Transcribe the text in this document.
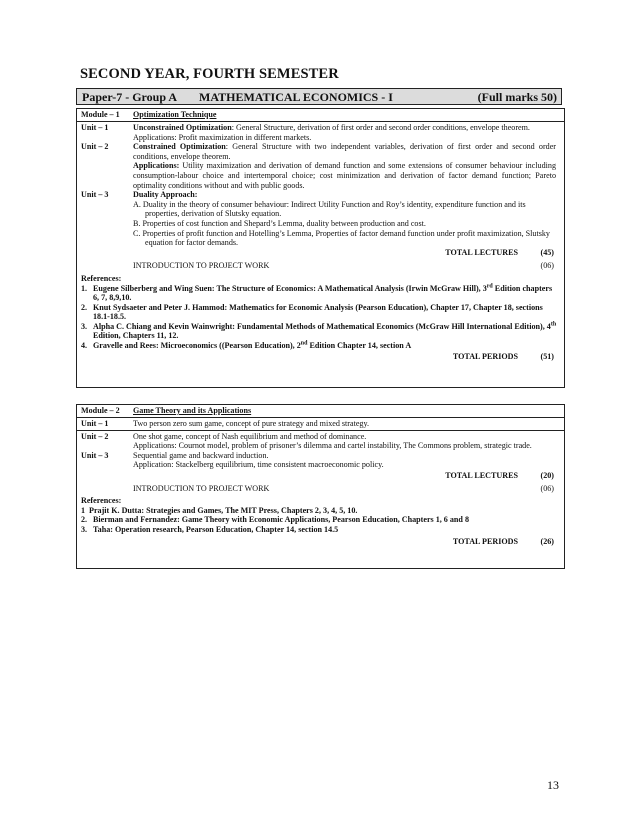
SECOND YEAR, FOURTH SEMESTER
Paper-7 - Group A MATHEMATICAL ECONOMICS - I	(Full marks 50)
Module – 1	Optimization Technique
Unit – 1	Unconstrained Optimization: General Structure, derivation of first order and second order conditions, envelope theorem.
Applications: Profit maximization in different markets.
Unit – 2	Constrained Optimization: General Structure with two independent variables, derivation of first order and second order conditions, envelope theorem.
Applications: Utility maximization and derivation of demand function and some extensions of consumer behaviour including consumption-labour choice and intertemporal choice; cost minimization and derivation of factor demand function; Pareto optimality conditions without and with public goods.
Unit – 3	Duality Approach:
A. Duality in the theory of consumer behaviour: Indirect Utility Function and Roy’s identity, expenditure function and its properties, derivation of Slutsky equation.
B. Properties of cost function and Shepard’s Lemma, duality between production and cost.
C. Properties of profit function and Hotelling’s Lemma, Properties of factor demand function under profit maximization, Slutsky equation for factor demands.
TOTAL LECTURES	(45)
INTRODUCTION TO PROJECT WORK	(06)
References:
1. Eugene Silberberg and Wing Suen: The Structure of Economics: A Mathematical Analysis (Irwin McGraw Hill), 3rd Edition chapters 6, 7, 8,9,10.
2. Knut Sydsaeter and Peter J. Hammod: Mathematics for Economic Analysis (Pearson Education), Chapter 17, Chapter 18, sections 18.1-18.5.
3. Alpha C. Chiang and Kevin Wainwright: Fundamental Methods of Mathematical Economics (McGraw Hill International Edition), 4th Edition, Chapters 11, 12.
4. Gravelle and Rees: Microeconomics ((Pearson Education), 2nd Edition Chapter 14, section A
TOTAL PERIODS	(51)
Module – 2	Game Theory and its Applications
Unit – 1	Two person zero sum game, concept of pure strategy and mixed strategy.
Unit – 2	One shot game, concept of Nash equilibrium and method of dominance.
Applications: Cournot model, problem of prisoner’s dilemma and cartel instability, The Commons problem, strategic trade.
Unit – 3	Sequential game and backward induction.
Application: Stackelberg equilibrium, time consistent macroeconomic policy.
TOTAL LECTURES	(20)
INTRODUCTION TO PROJECT WORK	(06)
References:
1 Prajit K. Dutta: Strategies and Games, The MIT Press, Chapters 2, 3, 4, 5, 10.
2. Bierman and Fernandez: Game Theory with Economic Applications, Pearson Education, Chapters 1, 6 and 8
3. Taha: Operation research, Pearson Education, Chapter 14, section 14.5
TOTAL PERIODS	(26)
13
